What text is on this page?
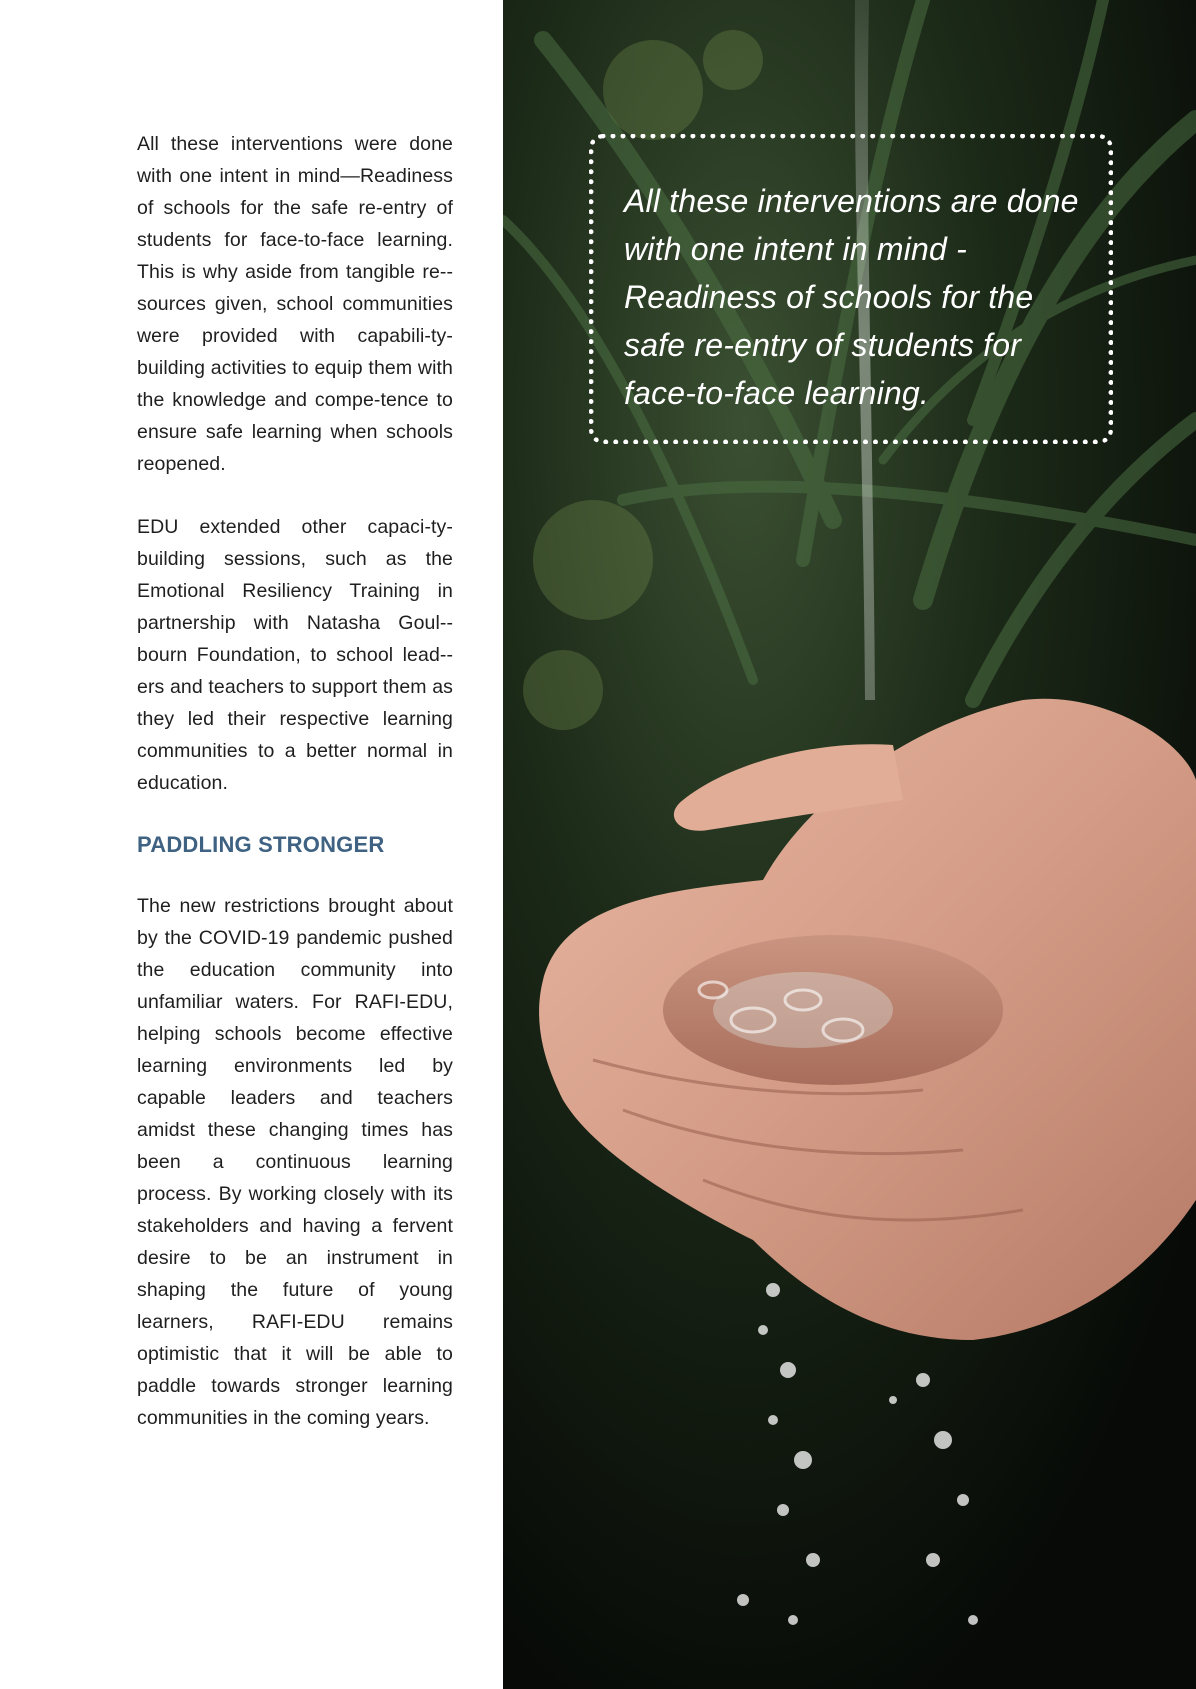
All these interventions were done with one intent in mind—Readiness of schools for the safe re-entry of students for face-to-face learning. This is why aside from tangible re-sources given, school communities were provided with capabili-ty-building activities to equip them with the knowledge and compe-tence to ensure safe learning when schools reopened.

EDU extended other capaci-ty-building sessions, such as the Emotional Resiliency Training in partnership with Natasha Goul-bourn Foundation, to school lead-ers and teachers to support them as they led their respective learning communities to a better normal in education.

PADDLING STRONGER

The new restrictions brought about by the COVID-19 pandemic pushed the education community into unfamiliar waters. For RAFI-EDU, helping schools become effective learning environments led by capable leaders and teachers amidst these changing times has been a continuous learning process. By working closely with its stakeholders and having a fervent desire to be an instrument in shaping the future of young learners, RAFI-EDU remains optimistic that it will be able to paddle towards stronger learning communities in the coming years.

All these interventions are done with one intent in mind - Readiness of schools for the safe re-entry of students for face-to-face learning.
